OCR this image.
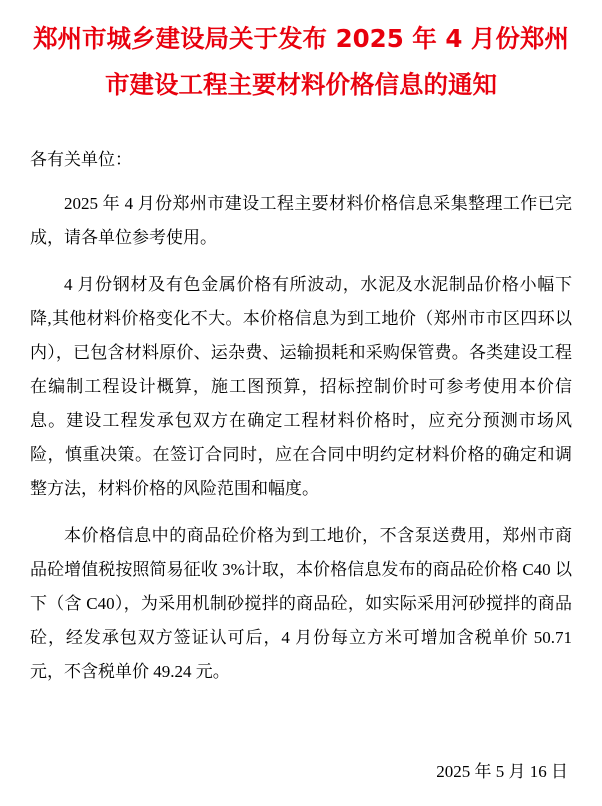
郑州市城乡建设局关于发布 2025 年 4 月份郑州市建设工程主要材料价格信息的通知
各有关单位：
2025 年 4 月份郑州市建设工程主要材料价格信息采集整理工作已完成，请各单位参考使用。
4 月份钢材及有色金属价格有所波动，水泥及水泥制品价格小幅下降,其他材料价格变化不大。本价格信息为到工地价（郑州市市区四环以内），已包含材料原价、运杂费、运输损耗和采购保管费。各类建设工程在编制工程设计概算，施工图预算，招标控制价时可参考使用本价信息。建设工程发承包双方在确定工程材料价格时，应充分预测市场风险，慎重决策。在签订合同时，应在合同中明约定材料价格的确定和调整方法，材料价格的风险范围和幅度。
本价格信息中的商品砼价格为到工地价，不含泵送费用，郑州市商品砼增值税按照简易征收 3%计取，本价格信息发布的商品砼价格 C40 以下（含 C40），为采用机制砂搅拌的商品砼，如实际采用河砂搅拌的商品砼，经发承包双方签证认可后，4 月份每立方米可增加含税单价 50.71 元，不含税单价 49.24 元。
2025 年 5 月 16 日
